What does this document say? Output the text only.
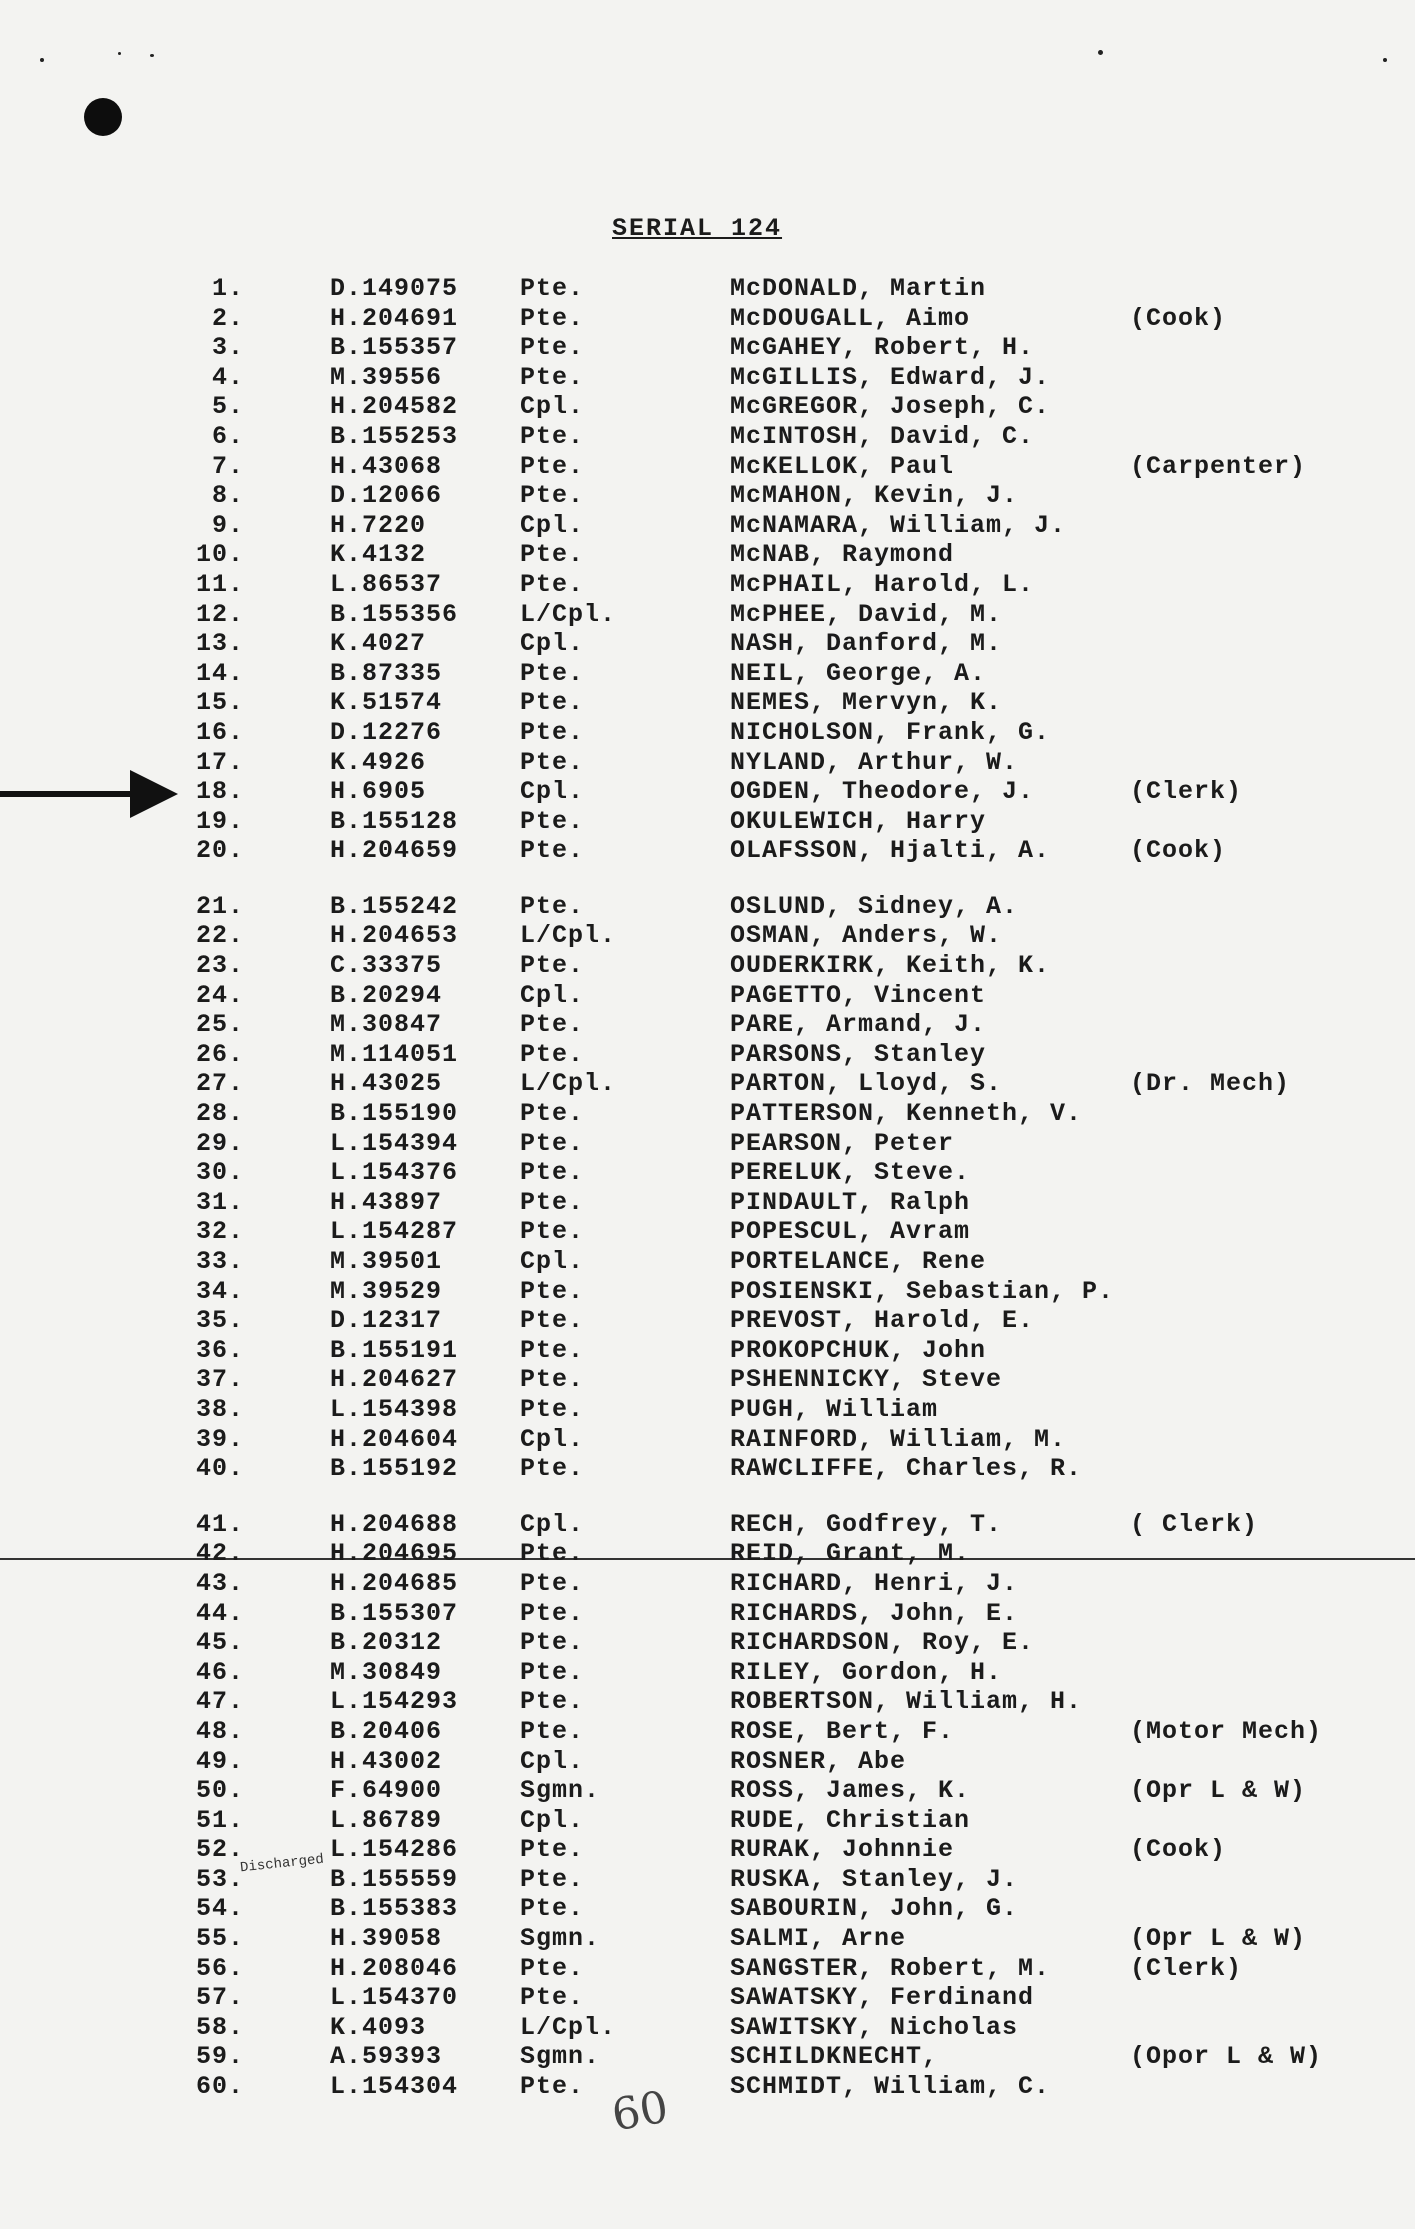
SERIAL 124
1.	D.149075 Pte.	McDONALD, Martin
2.	H.204691 Pte.	McDOUGALL, Aimo	(Cook)
3.	B.155357 Pte.	McGAHEY, Robert, H.
4.	M.39556	Pte.	McGILLIS, Edward, J.
5.	H.204582 Cpl.	McGREGOR, Joseph, C.
6.	B.155253 Pte.	McINTOSH, David, C.
7.	H.43068	Pte.	McKELLOK, Paul	(Carpenter)
8.	D.12066	Pte.	McMAHON, Kevin, J.
9.	H.7220	Cpl.	McNAMARA, William, J.
10.	K.4132	Pte.	McNAB, Raymond
11.	L.86537	Pte.	McPHAIL, Harold, L.
12.	B.155356 L/Cpl.	McPHEE, David, M.
13.	K.4027	Cpl.	NASH, Danford, M.
14.	B.87335	Pte.	NEIL, George, A.
15.	K.51574	Pte.	NEMES, Mervyn, K.
16.	D.12276	Pte.	NICHOLSON, Frank, G.
17.	K.4926	Pte.	NYLAND, Arthur, W.
18.	H.6905	Cpl.	OGDEN, Theodore, J.	(Clerk)
19.	B.155128 Pte.	OKULEWICH, Harry
20.	H.204659 Pte.	OLAFSSON, Hjalti, A.	(Cook)
21.	B.155242 Pte.	OSLUND, Sidney, A.
22.	H.204653 L/Cpl.	OSMAN, Anders, W.
23.	C.33375	Pte.	OUDERKIRK, Keith, K.
24.	B.20294	Cpl.	PAGETTO, Vincent
25.	M.30847	Pte.	PARE, Armand, J.
26.	M.114051 Pte.	PARSONS, Stanley
27.	H.43025	L/Cpl.	PARTON, Lloyd, S.	(Dr. Mech)
28.	B.155190 Pte.	PATTERSON, Kenneth, V.
29.	L.154394 Pte.	PEARSON, Peter
30.	L.154376 Pte.	PERELUK, Steve.
31.	H.43897	Pte.	PINDAULT, Ralph
32.	L.154287 Pte.	POPESCUL, Avram
33.	M.39501	Cpl.	PORTELANCE, Rene
34.	M.39529	Pte.	POSIENSKI, Sebastian, P.
35.	D.12317	Pte.	PREVOST, Harold, E.
36.	B.155191 Pte.	PROKOPCHUK, John
37.	H.204627 Pte.	PSHENNICKY, Steve
38.	L.154398 Pte.	PUGH, William
39.	H.204604 Cpl.	RAINFORD, William, M.
40.	B.155192 Pte.	RAWCLIFFE, Charles, R.
41.	H.204688 Cpl.	RECH, Godfrey, T.	( Clerk)
42.	H.204695 Pte.	REID, Grant, M.
43.	H.204685 Pte.	RICHARD, Henri, J.
44.	B.155307 Pte.	RICHARDS, John, E.
45.	B.20312	Pte.	RICHARDSON, Roy, E.
46.	M.30849	Pte.	RILEY, Gordon, H.
47.	L.154293 Pte.	ROBERTSON, William, H.
48.	B.20406	Pte.	ROSE, Bert, F.	(Motor Mech)
49.	H.43002	Cpl.	ROSNER, Abe
50.	F.64900	Sgmn.	ROSS, James, K.	(Opr L & W)
51.	L.86789	Cpl.	RUDE, Christian
52.	L.154286 Pte.	RURAK, Johnnie	(Cook)
53.	B.155559 Pte.	RUSKA, Stanley, J.
54.	B.155383 Pte.	SABOURIN, John, G.
55.	H.39058	Sgmn.	SALMI, Arne	(Opr L & W)
56.	H.208046 Pte.	SANGSTER, Robert, M.	(Clerk)
57.	L.154370 Pte.	SAWATSKY, Ferdinand
58.	K.4093	L/Cpl.	SAWITSKY, Nicholas
59.	A.59393	Sgmn.	SCHILDKNECHT,	(Opor L & W)
60.	L.154304 Pte.	SCHMIDT, William, C.
Discharged
60
